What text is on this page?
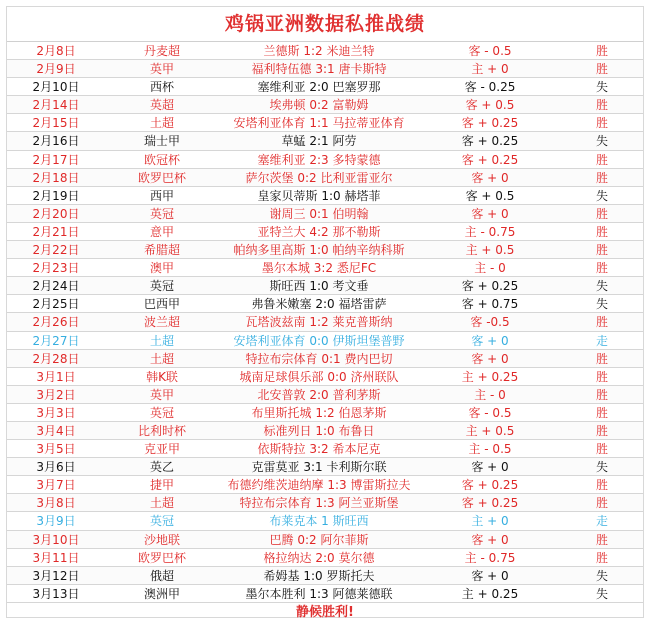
鸡锅亚洲数据私推战绩
2月8日	丹麦超	兰德斯 1:2 米迪兰特	客 - 0.5	胜
2月9日	英甲	福利特伍德 3:1 唐卡斯特	主 + 0	胜
2月10日	西杯	塞维利亚 2:0 巴塞罗那	客 - 0.25	失
2月14日	英超	埃弗顿 0:2 富勒姆	客 + 0.5	胜
2月15日	土超	安塔利亚体育 1:1 马拉蒂亚体育	客 + 0.25	胜
2月16日	瑞士甲	草蜢 2:1 阿劳	客 + 0.25	失
2月17日	欧冠杯	塞维利亚 2:3 多特蒙德	客 + 0.25	胜
2月18日	欧罗巴杯	萨尔茨堡 0:2 比利亚雷亚尔	客 + 0	胜
2月19日	西甲	皇家贝蒂斯 1:0 赫塔菲	客 + 0.5	失
2月20日	英冠	谢周三 0:1 伯明翰	客 + 0	胜
2月21日	意甲	亚特兰大 4:2 那不勒斯	主 - 0.75	胜
2月22日	希腊超	帕纳多里高斯 1:0 帕纳辛纳科斯	主 + 0.5	胜
2月23日	澳甲	墨尔本城 3:2 悉尼FC	主 - 0	胜
2月24日	英冠	斯旺西 1:0 考文垂	客 + 0.25	失
2月25日	巴西甲	弗鲁米嫩塞 2:0 福塔雷萨	客 + 0.75	失
2月26日	波兰超	瓦塔波兹南 1:2 莱克普斯纳	客 -0.5	胜
2月27日	土超	安塔利亚体育 0:0 伊斯坦堡普野	客 + 0	走
2月28日	土超	特拉布宗体育 0:1 费内巴切	客 + 0	胜
3月1日	韩K联	城南足球俱乐部 0:0 济州联队	主 + 0.25	胜
3月2日	英甲	北安普敦 2:0 普利茅斯	主 - 0	胜
3月3日	英冠	布里斯托城 1:2 伯恩茅斯	客 - 0.5	胜
3月4日	比利时杯	标准列日 1:0 布鲁日	主 + 0.5	胜
3月5日	克亚甲	依斯特拉 3:2 希本尼克	主 - 0.5	胜
3月6日	英乙	克雷莫亚 3:1 卡利斯尔联	客 + 0	失
3月7日	捷甲	布德约维茨迪纳摩 1:3 博雷斯拉夫	客 + 0.25	胜
3月8日	土超	特拉布宗体育 1:3 阿兰亚斯堡	客 + 0.25	胜
3月9日	英冠	布莱克本 1 斯旺西	主 + 0	走
3月10日	沙地联	巴腾 0:2 阿尔菲斯	客 + 0	胜
3月11日	欧罗巴杯	格拉纳达 2:0 莫尔德	主 - 0.75	胜
3月12日	俄超	希姆基 1:0 罗斯托夫	客 + 0	失
3月13日	澳洲甲	墨尔本胜利 1:3 阿德莱德联	主 + 0.25	失
静候胜利!
